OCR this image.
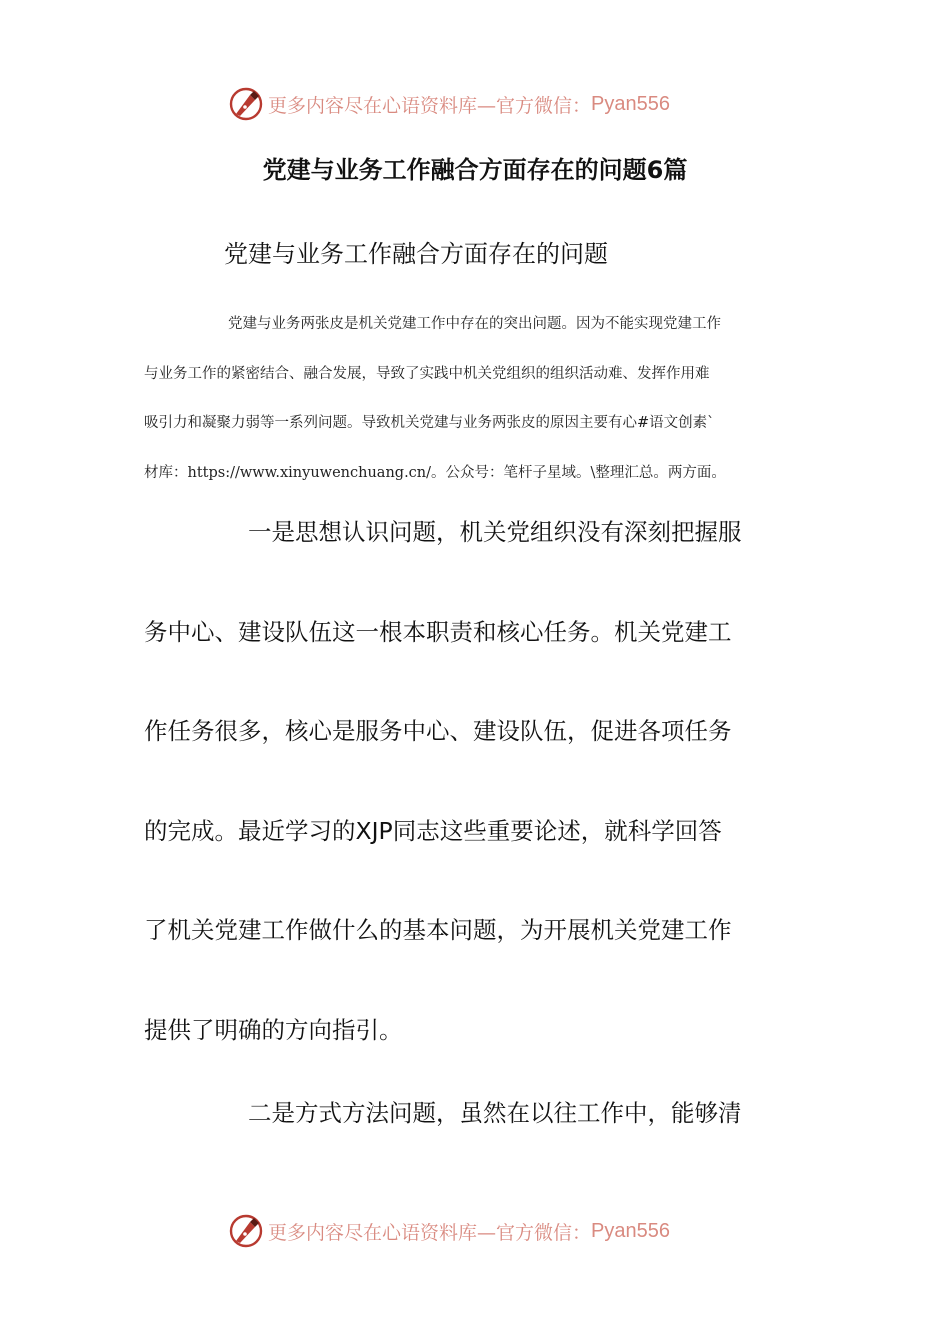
更多内容尽在心语资料库—官方微信： Pyan556
党建与业务工作融合方面存在的问题6篇
党建与业务工作融合方面存在的问题
党建与业务两张皮是机关党建工作中存在的突出问题。因为不能实现党建工作
与业务工作的紧密结合、融合发展，导致了实践中机关党组织的组织活动难、发挥作用难
吸引力和凝聚力弱等一系列问题。导致机关党建与业务两张皮的原因主要有心#语文创素`
材库：https://www.xinyuwenchuang.cn/。公众号：笔杆子星域。\整理汇总。两方面。
一是思想认识问题，机关党组织没有深刻把握服
务中心、建设队伍这一根本职责和核心任务。机关党建工
作任务很多，核心是服务中心、建设队伍，促进各项任务
的完成。最近学习的XJP同志这些重要论述，就科学回答
了机关党建工作做什么的基本问题，为开展机关党建工作
提供了明确的方向指引。
二是方式方法问题，虽然在以往工作中，能够清
更多内容尽在心语资料库—官方微信： Pyan556
